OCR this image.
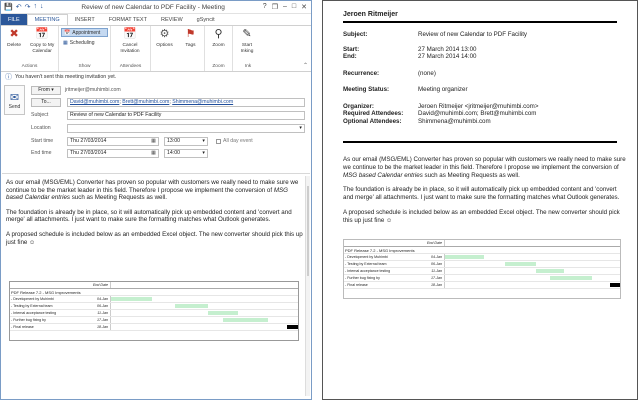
💾 ↶ ↷ ↑ ↓	Review of new Calendar to PDF Facility - Meeting	? ❐ – □ ✕
FILE	MEETING	INSERT	FORMAT TEXT	REVIEW	gSyncit
✖
Delete
📅
Copy to My Calendar
Actions
📅 Appointment
▦ Scheduling
Show
📅
Cancel Invitation
Attendees
⚙
Options
⚑
Tags
⚲
Zoom
Zoom
✎
Start Inking
Ink	⌃
ⓘ You haven't sent this meeting invitation yet.
✉
Send
From ▾	jritmeijer@muhimbi.com
To...	David@muhimbi.com ; Brett@muhimbi.com ; Shimmena@muhimbi.com
Subject	Review of new Calendar to PDF Facility
Location	▾
Start time	Thu 27/03/2014	▦ 13:00	▾	All day event
End time	Thu 27/03/2014	▦ 14:00	▾

As our email (MSG/EML) Converter has proven so popular with customers we really need to make sure we continue to be the market leader in this field. Therefore I propose we implement the conversion of MSG based Calendar entries such as Meeting Requests as well.

The foundation is already be in place, so it will automatically pick up embedded content and 'convert and merge' all attachments. I just want to make sure the formatting matches what Outlook generates.

A proposed schedule is included below as an embedded Excel object. The new converter should pick this up just fine ☺

End Date
PDF Release 7.2 - MSG Improvements
- Development by Muhimbi	04-Jan
- Testing by External team	06-Jan
- Internal acceptance testing	11-Jan
- Further bug fixing by	17-Jan
- Final release	18-Jan
Jeroen Ritmeijer
Subject:	Review of new Calendar to PDF Facility
Start:	27 March 2014 13:00
End:	27 March 2014 14:00
Recurrence:	(none)
Meeting Status:	Meeting organizer
Organizer:	Jeroen Ritmeijer <jritmeijer@muhimbi.com>
Required Attendees:	David@muhimbi.com; Brett@muhimbi.com
Optional Attendees:	Shimmena@muhimbi.com

As our email (MSG/EML) Converter has proven so popular with customers we really need to make sure we continue to be the market leader in this field. Therefore I propose we implement the conversion of MSG based Calendar entries such as Meeting Requests as well.

The foundation is already be in place, so it will automatically pick up embedded content and 'convert and merge' all attachments. I just want to make sure the formatting matches what Outlook generates.

A proposed schedule is included below as an embedded Excel object. The new converter should pick this up just fine ☺

End Date
PDF Release 7.2 - MSG Improvements
- Development by Muhimbi	04-Jan
- Testing by External team	06-Jan
- Internal acceptance testing	11-Jan
- Further bug fixing by	17-Jan
- Final release	18-Jan
